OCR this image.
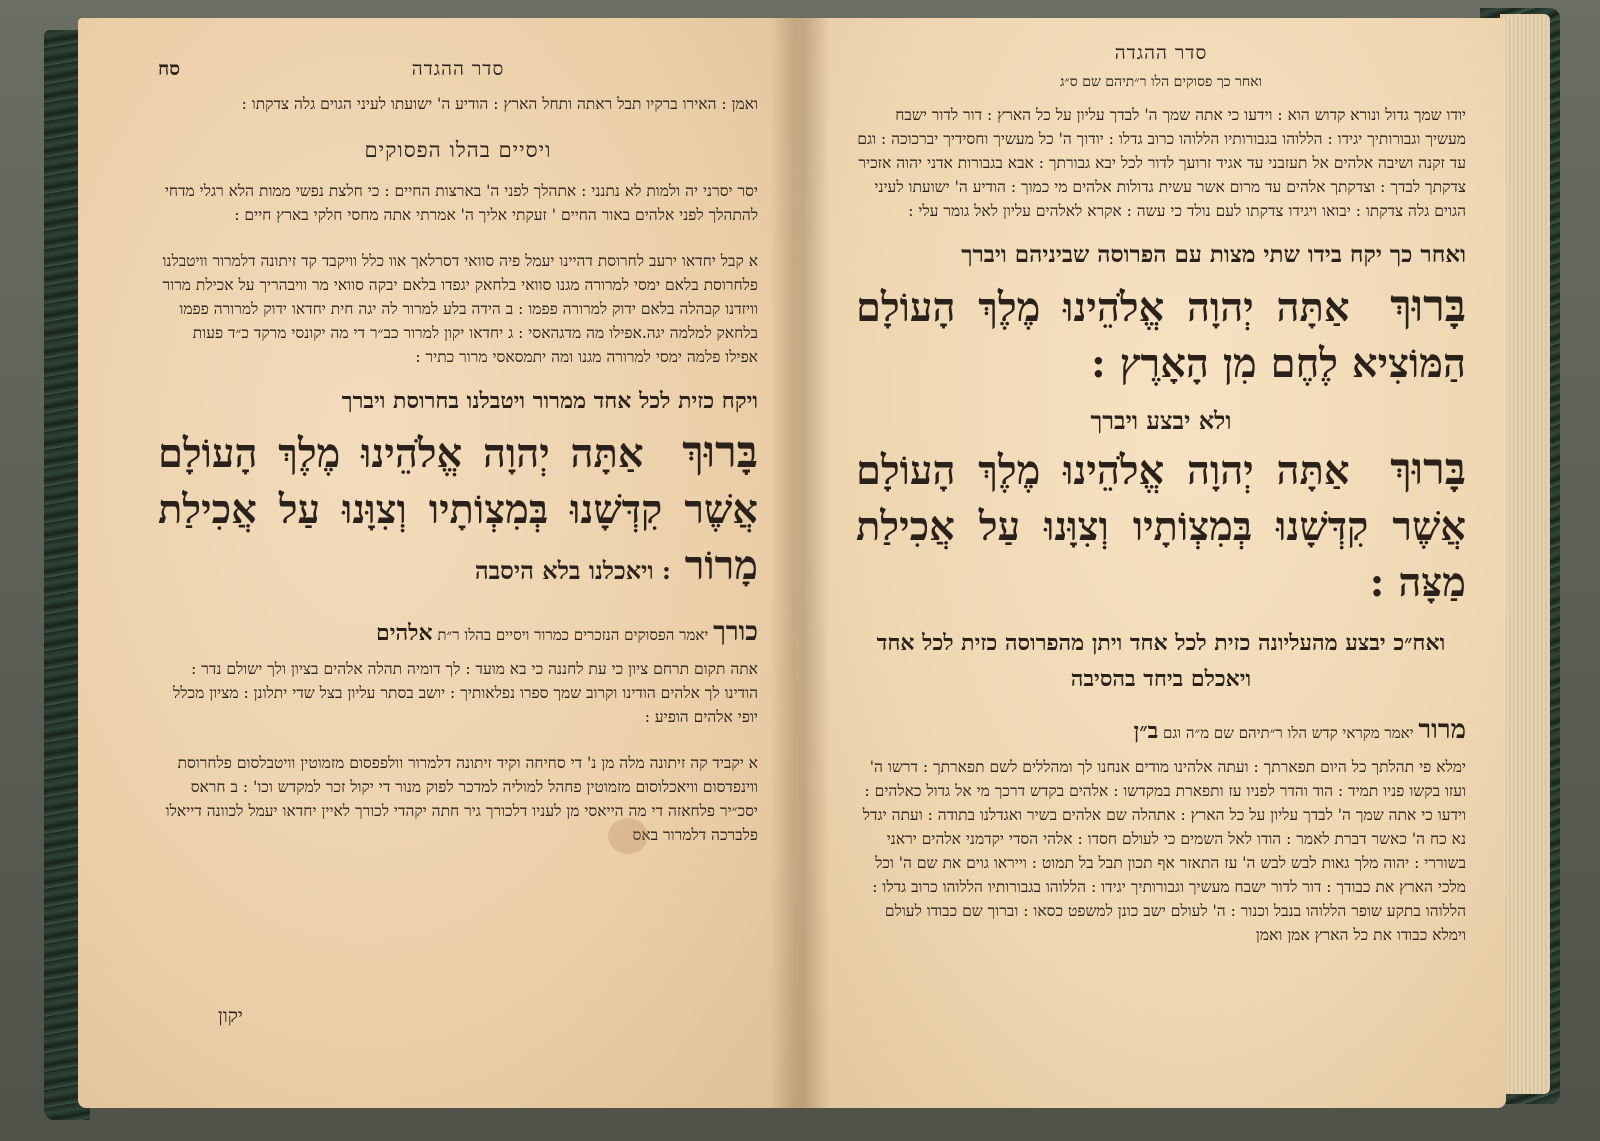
סדר ההגדה
סח
ואמן : האירו ברקיו תבל ראתה ותחל הארץ : הודיע ה' ישועתו לעיני הגוים גלה צדקתו :
ויסיים בהלו הפסוקים
יסר יסרני יה ולמות לא נתנני : אתהלך לפני ה' בארצות החיים : כי חלצת נפשי ממות הלא רגלי מדחי להתהלך לפני אלהים באור החיים ' זעקתי אליך ה' אמרתי אתה מחסי חלקי בארץ חיים :
א קבל יחדאו ירעב לחרוסת דהיינו יעמל פיה סוואי דסרלאך אוו כלל וויקבד קד זיתונה דלמרור וויטבלנו פלחרוסת בלאם ימסי למרורה מגנו סוואי בלחאק יגפדו בלאם יבקה סוואי מר וויבהריך על אכילת מרור וויזדנו קבהלה בלאם ידוק למרורה פפמו : ב הידה בלע למרור לה יגה חית יחדאו ידוק למרורה פפמו בלחאק למלמה יגה.אפילו מה מדגהאסי : ג יחדאו יקון למרור כב״ר די מה יקונסי מרקד כ״ד פעות אפילו פלמה ימסי למרורה מגנו ומה יתמסאסי מרור כתיר :
ויקח כזית לכל אחד ממרור ויטבלנו בחרוסת ויברך
בָּרוּךְ אַתָּה יְהוָה אֱלֹהֵינוּ מֶלֶךְ הָעוֹלָם אֲשֶׁר קִדְּשָׁנוּ בְּמִצְוֹתָיו וְצִוָּנוּ עַל אֲכִילַת מָרוֹר : ויאכלנו בלא היסבה
כורך יאמר הפסוקים הנזכרים כמרור ויסיים בהלו ר״ת אלהים
אתה תקום תרחם ציון כי עת לחננה כי בא מועד : לך דומיה תהלה אלהים בציון ולך ישולם נדר : הודינו לך אלהים הודינו וקרוב שמך ספרו נפלאותיך : יושב בסתר עליון בצל שדי יתלונן : מציון מכלל יופי אלהים הופיע :
א יקביד קה זיתונה מלה מן נ' די סחיחה וקיד זיתונה דלמרור וולפפסום מזמוטין וויטבלסום פלחרוסת ווינפדסום וויאכלוסום מזמוטין פחהל למוליה למדכר לפוק מנור די יקול זכר למקדש וכו' : ב חראס יסכ״יר פלחאזה די מה הייאסי מן לעניו דלכורך גיר חתה יקהדי לכורך לאיין יחדאו יעמל לכוונה דייאלו פלברכה דלמרור באס
יקון
סדר ההגדה
ואחר כך פסוקים הלו ר״תיהם שם ס״ג
יודו שמך גדול ונורא קדוש הוא : וידעו כי אתה שמך ה' לבדך עליון על כל הארץ : דור לדור ישבח מעשיך וגבורותיך יגידו : הללוהו בגבורותיו הללוהו כרוב גדלו : יודוך ה' כל מעשיך וחסידיך יברכוכה : וגם עד זקנה ושיבה אלהים אל תעזבני עד אגיד זרועך לדור לכל יבא גבורתך : אבא בגבורות אדני יהוה אזכיר צדקתך לבדך : וצדקתך אלהים עד מרום אשר עשית גדולות אלהים מי כמוך : הודיע ה' ישועתו לעיני הגוים גלה צדקתו : יבואו ויגידו צדקתו לעם נולד כי עשה : אקרא לאלהים עליון לאל גומר עלי :
ואחר כך יקח בידו שתי מצות עם הפרוסה שביניהם ויברך
בָּרוּךְ אַתָּה יְהוָה אֱלֹהֵינוּ מֶלֶךְ הָעוֹלָם הַמּוֹצִיא לֶחֶם מִן הָאָרֶץ :
ולא יבצע ויברך
בָּרוּךְ אַתָּה יְהוָה אֱלֹהֵינוּ מֶלֶךְ הָעוֹלָם אֲשֶׁר קִדְּשָׁנוּ בְּמִצְוֹתָיו וְצִוָּנוּ עַל אֲכִילַת מַצָּה :
ואח״כ יבצע מהעליונה כזית לכל אחד ויתן מהפרוסה כזית לכל אחד ויאכלם ביחד בהסיבה
מרור יאמר מקראי קדש הלו ר״תיהם שם מ״ה וגם ב״ן
ימלא פי תהלתך כל היום תפארתך : ועתה אלהינו מודים אנחנו לך ומהללים לשם תפארתך : דרשו ה' ועזו בקשו פניו תמיד : הוד והדר לפניו עז ותפארת במקדשו : אלהים בקדש דרכך מי אל גדול כאלהים : וידעו כי אתה שמך ה' לבדך עליון על כל הארץ : אתהלה שם אלהים בשיר ואגדלנו בתודה : ועתה יגדל נא כח ה' כאשר דברת לאמר : הודו לאל השמים כי לעולם חסדו : אלהי הסדי יקדמני אלהים יראני בשוררי : יהוה מלך גאות לבש לבש ה' עז התאזר אף תכון תבל בל תמוט : וייראו גוים את שם ה' וכל מלכי הארץ את כבודך : דור לדור ישבח מעשיך וגבורותיך יגידו : הללוהו בגבורותיו הללוהו כרוב גדלו : הללוהו בתקע שופר הללוהו בנבל וכנור : ה' לעולם ישב כונן למשפט כסאו : וברוך שם כבודו לעולם וימלא כבודו את כל הארץ אמן ואמן
